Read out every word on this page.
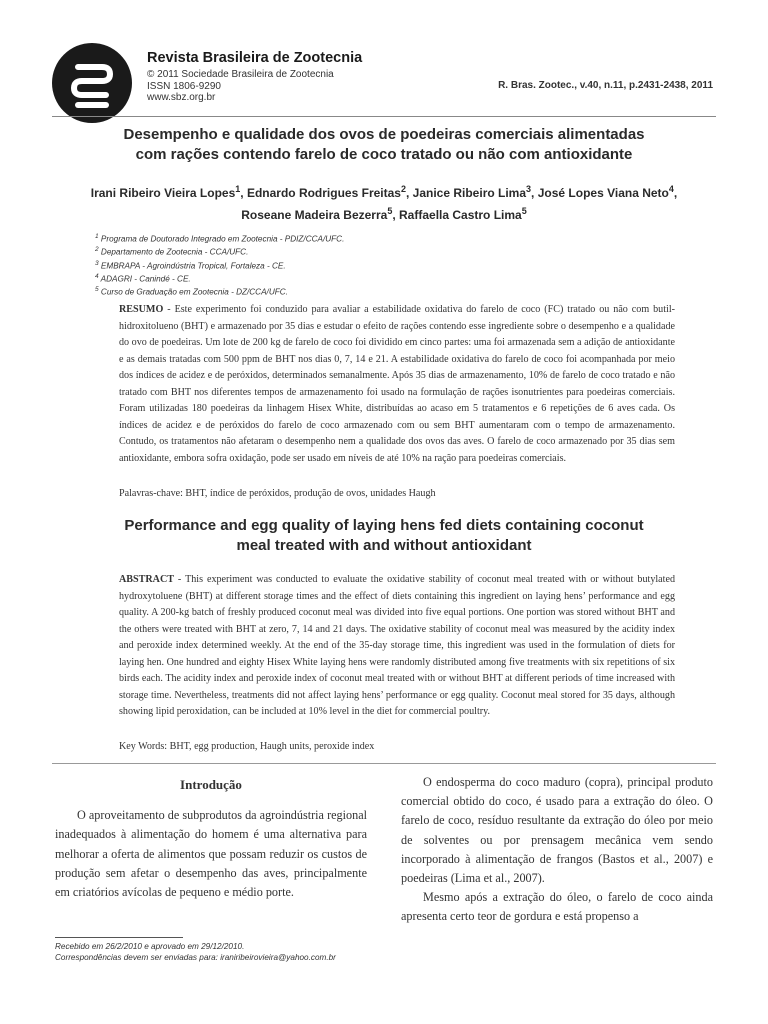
SBZ
Revista Brasileira de Zootecnia
© 2011 Sociedade Brasileira de Zootecnia
ISSN 1806-9290
www.sbz.org.br
R. Bras. Zootec., v.40, n.11, p.2431-2438, 2011
Desempenho e qualidade dos ovos de poedeiras comerciais alimentadas
com rações contendo farelo de coco tratado ou não com antioxidante
Irani Ribeiro Vieira Lopes$^1$, Ednardo Rodrigues Freitas$^2$, Janice Ribeiro Lima$^3$, José Lopes Viana Neto$^4$, Roseane Madeira Bezerra$^5$, Raffaella Castro Lima$^5$
$^1$ Programa de Doutorado Integrado em Zootecnia - PDIZ/CCA/UFC.
$^2$ Departamento de Zootecnia - CCA/UFC.
$^3$ EMBRAPA - Agroindústria Tropical, Fortaleza - CE.
$^4$ ADAGRI - Canindé - CE.
$^5$ Curso de Graduação em Zootecnia - DZ/CCA/UFC.
RESUMO - Este experimento foi conduzido para avaliar a estabilidade oxidativa do farelo de coco (FC) tratado ou não com butil-hidroxitolueno (BHT) e armazenado por 35 dias e estudar o efeito de rações contendo esse ingrediente sobre o desempenho e a qualidade do ovo de poedeiras. Um lote de 200 kg de farelo de coco foi dividido em cinco partes: uma foi armazenada sem a adição de antioxidante e as demais tratadas com 500 ppm de BHT nos dias 0, 7, 14 e 21. A estabilidade oxidativa do farelo de coco foi acompanhada por meio dos índices de acidez e de peróxidos, determinados semanalmente. Após 35 dias de armazenamento, 10% de farelo de coco tratado e não tratado com BHT nos diferentes tempos de armazenamento foi usado na formulação de rações isonutrientes para poedeiras comerciais. Foram utilizadas 180 poedeiras da linhagem Hisex White, distribuídas ao acaso em 5 tratamentos e 6 repetições de 6 aves cada. Os índices de acidez e de peróxidos do farelo de coco armazenado com ou sem BHT aumentaram com o tempo de armazenamento. Contudo, os tratamentos não afetaram o desempenho nem a qualidade dos ovos das aves. O farelo de coco armazenado por 35 dias sem antioxidante, embora sofra oxidação, pode ser usado em níveis de até 10% na ração para poedeiras comerciais.
Palavras-chave: BHT, índice de peróxidos, produção de ovos, unidades Haugh
Performance and egg quality of laying hens fed diets containing coconut
meal treated with and without antioxidant
ABSTRACT - This experiment was conducted to evaluate the oxidative stability of coconut meal treated with or without butylated hydroxytoluene (BHT) at different storage times and the effect of diets containing this ingredient on laying hens’ performance and egg quality. A 200-kg batch of freshly produced coconut meal was divided into five equal portions. One portion was stored without BHT and the others were treated with BHT at zero, 7, 14 and 21 days. The oxidative stability of coconut meal was measured by the acidity index and peroxide index determined weekly. At the end of the 35-day storage time, this ingredient was used in the formulation of diets for laying hen. One hundred and eighty Hisex White laying hens were randomly distributed among five treatments with six repetitions of six birds each. The acidity index and peroxide index of coconut meal treated with or without BHT at different periods of time increased with storage time. Nevertheless, treatments did not affect laying hens’ performance or egg quality. Coconut meal stored for 35 days, although showing lipid peroxidation, can be included at 10% level in the diet for commercial poultry.
Key Words: BHT, egg production, Haugh units, peroxide index
Introdução

O aproveitamento de subprodutos da agroindústria regional inadequados à alimentação do homem é uma alternativa para melhorar a oferta de alimentos que possam reduzir os custos de produção sem afetar o desempenho das aves, principalmente em criatórios avícolas de pequeno e médio porte.

O endosperma do coco maduro (copra), principal produto comercial obtido do coco, é usado para a extração do óleo. O farelo de coco, resíduo resultante da extração do óleo por meio de solventes ou por prensagem mecânica vem sendo incorporado à alimentação de frangos (Bastos et al., 2007) e poedeiras (Lima et al., 2007).

Mesmo após a extração do óleo, o farelo de coco ainda apresenta certo teor de gordura e está propenso a

Recebido em 26/2/2010 e aprovado em 29/12/2010.
Correspondências devem ser enviadas para: iraniribeirovieira@yahoo.com.br
